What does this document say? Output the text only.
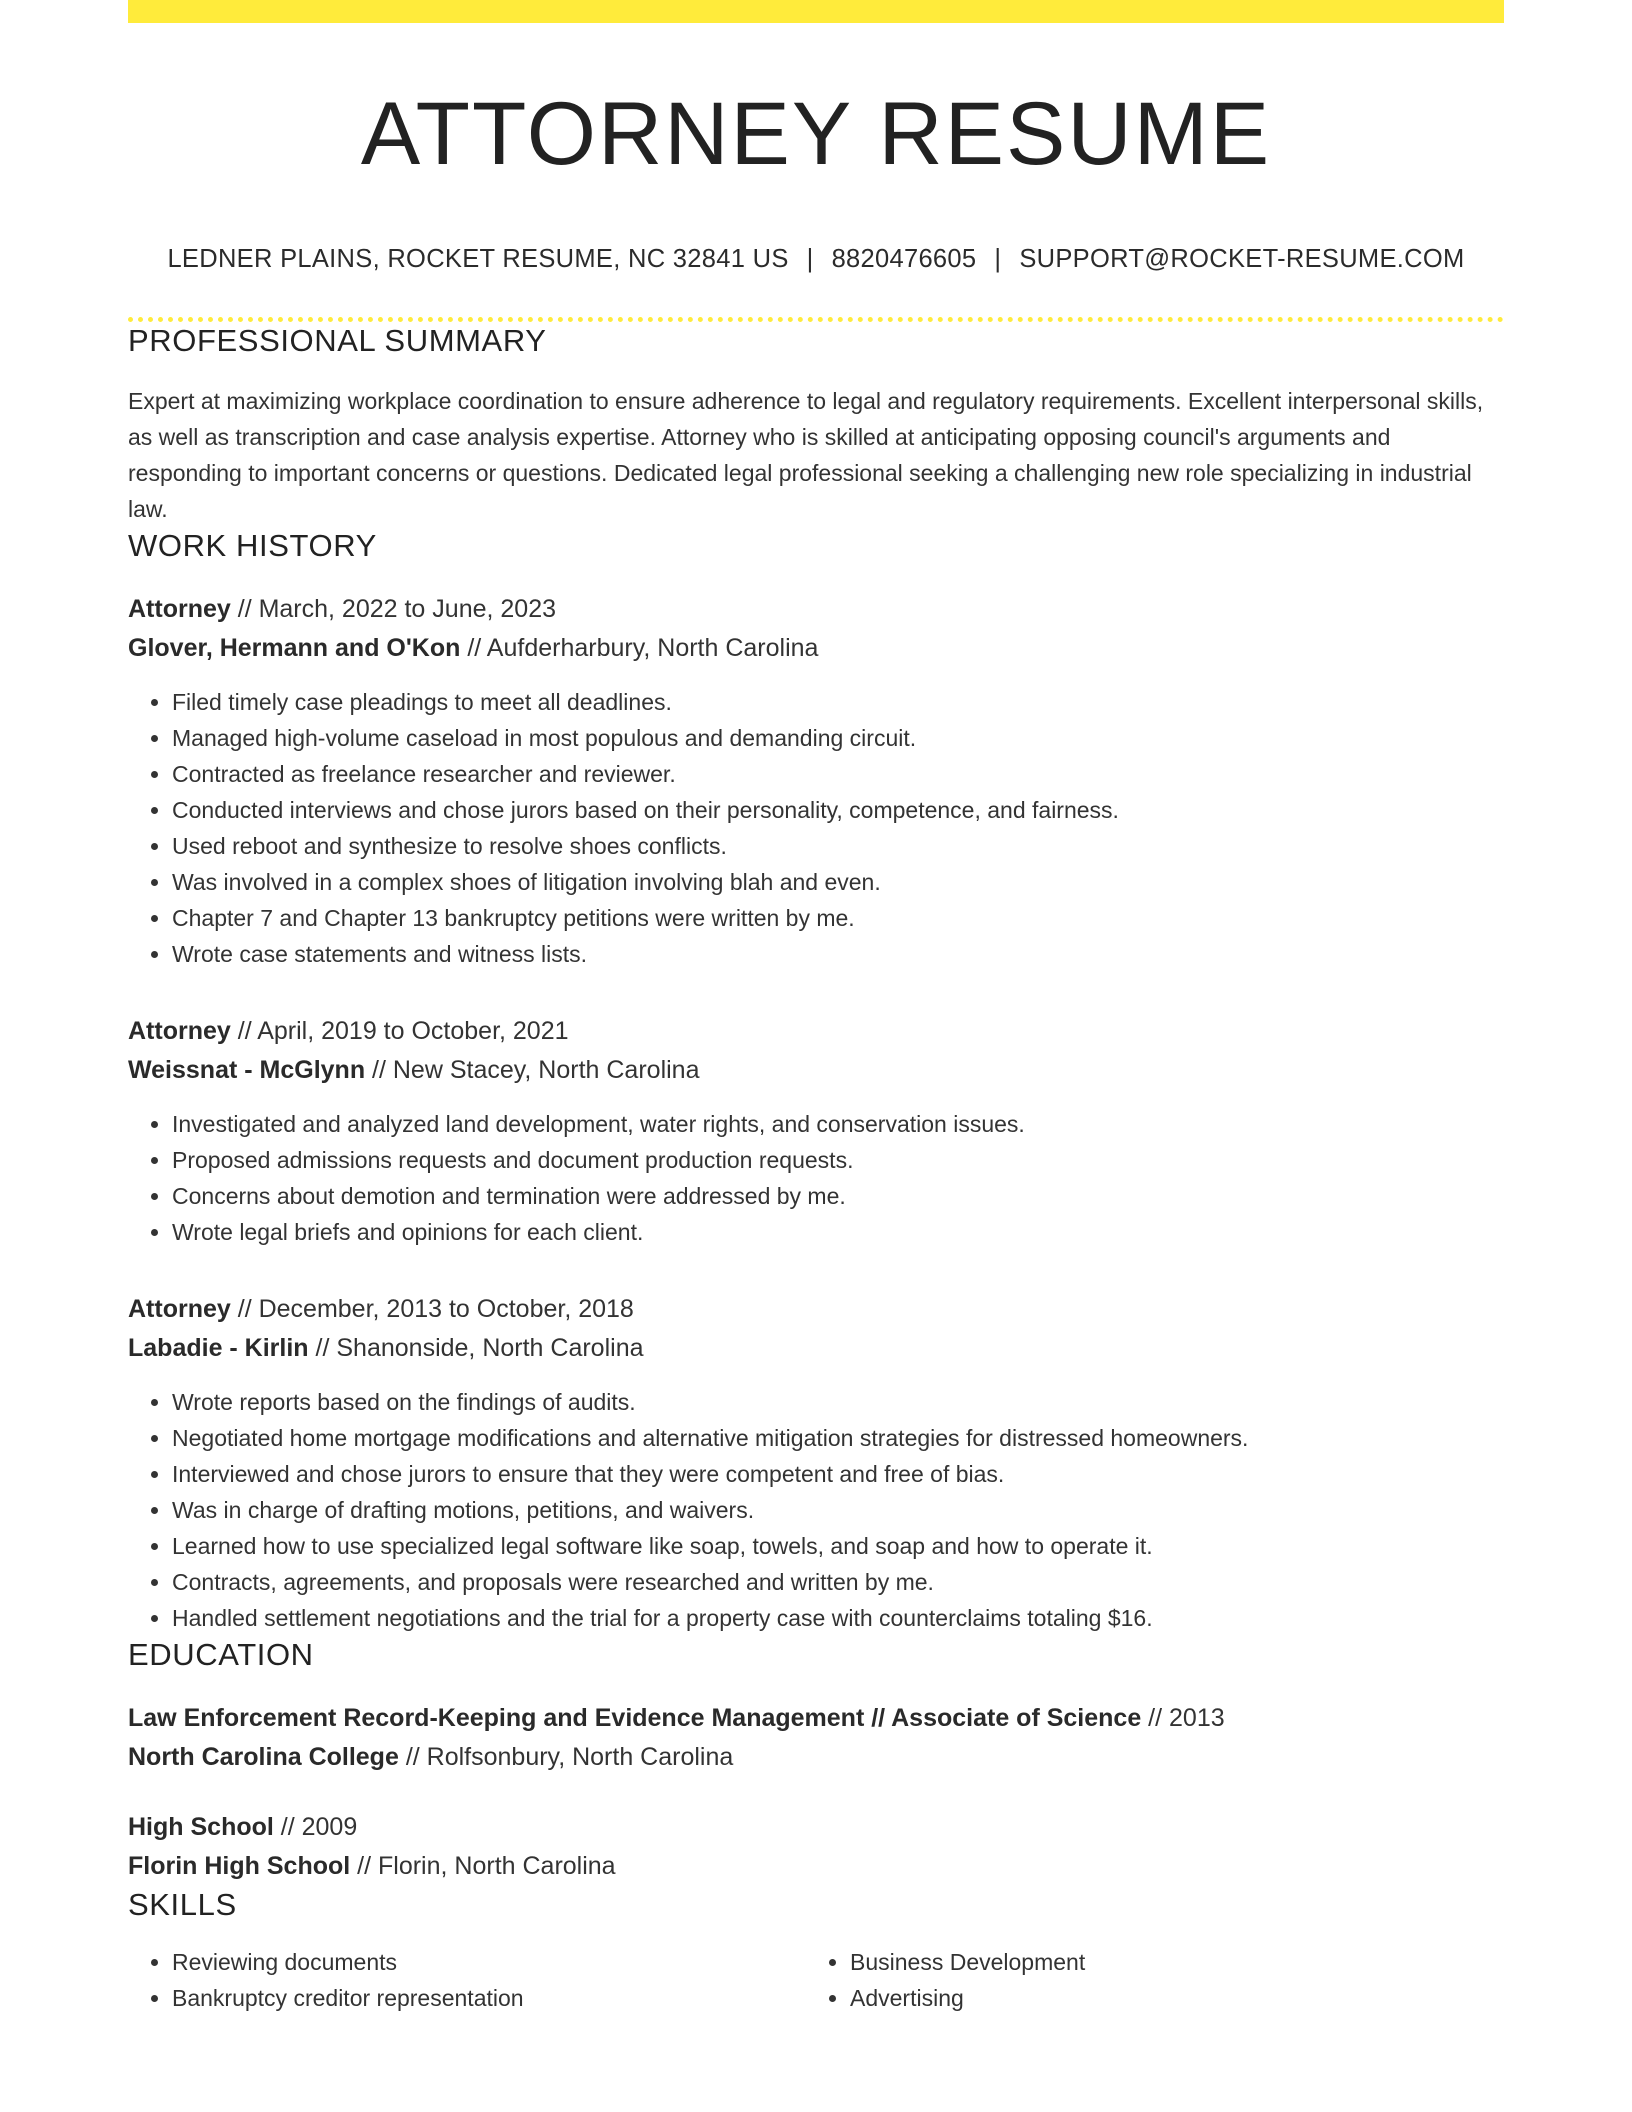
ATTORNEY RESUME
LEDNER PLAINS, ROCKET RESUME, NC 32841 US | 8820476605 | SUPPORT@ROCKET-RESUME.COM
PROFESSIONAL SUMMARY

Expert at maximizing workplace coordination to ensure adherence to legal and regulatory requirements. Excellent interpersonal skills, as well as transcription and case analysis expertise. Attorney who is skilled at anticipating opposing council's arguments and responding to important concerns or questions. Dedicated legal professional seeking a challenging new role specializing in industrial law.

WORK HISTORY
Attorney // March, 2022 to June, 2023
Glover, Hermann and O'Kon // Aufderharbury, North Carolina
• Filed timely case pleadings to meet all deadlines.
• Managed high-volume caseload in most populous and demanding circuit.
• Contracted as freelance researcher and reviewer.
• Conducted interviews and chose jurors based on their personality, competence, and fairness.
• Used reboot and synthesize to resolve shoes conflicts.
• Was involved in a complex shoes of litigation involving blah and even.
• Chapter 7 and Chapter 13 bankruptcy petitions were written by me.
• Wrote case statements and witness lists.
Attorney // April, 2019 to October, 2021
Weissnat - McGlynn // New Stacey, North Carolina
• Investigated and analyzed land development, water rights, and conservation issues.
• Proposed admissions requests and document production requests.
• Concerns about demotion and termination were addressed by me.
• Wrote legal briefs and opinions for each client.
Attorney // December, 2013 to October, 2018
Labadie - Kirlin // Shanonside, North Carolina
• Wrote reports based on the findings of audits.
• Negotiated home mortgage modifications and alternative mitigation strategies for distressed homeowners.
• Interviewed and chose jurors to ensure that they were competent and free of bias.
• Was in charge of drafting motions, petitions, and waivers.
• Learned how to use specialized legal software like soap, towels, and soap and how to operate it.
• Contracts, agreements, and proposals were researched and written by me.
• Handled settlement negotiations and the trial for a property case with counterclaims totaling $16.
EDUCATION
Law Enforcement Record-Keeping and Evidence Management // Associate of Science // 2013
North Carolina College // Rolfsonbury, North Carolina
High School // 2009
Florin High School // Florin, North Carolina
SKILLS
• Reviewing documents
• Bankruptcy creditor representation
• Business Development
• Advertising
